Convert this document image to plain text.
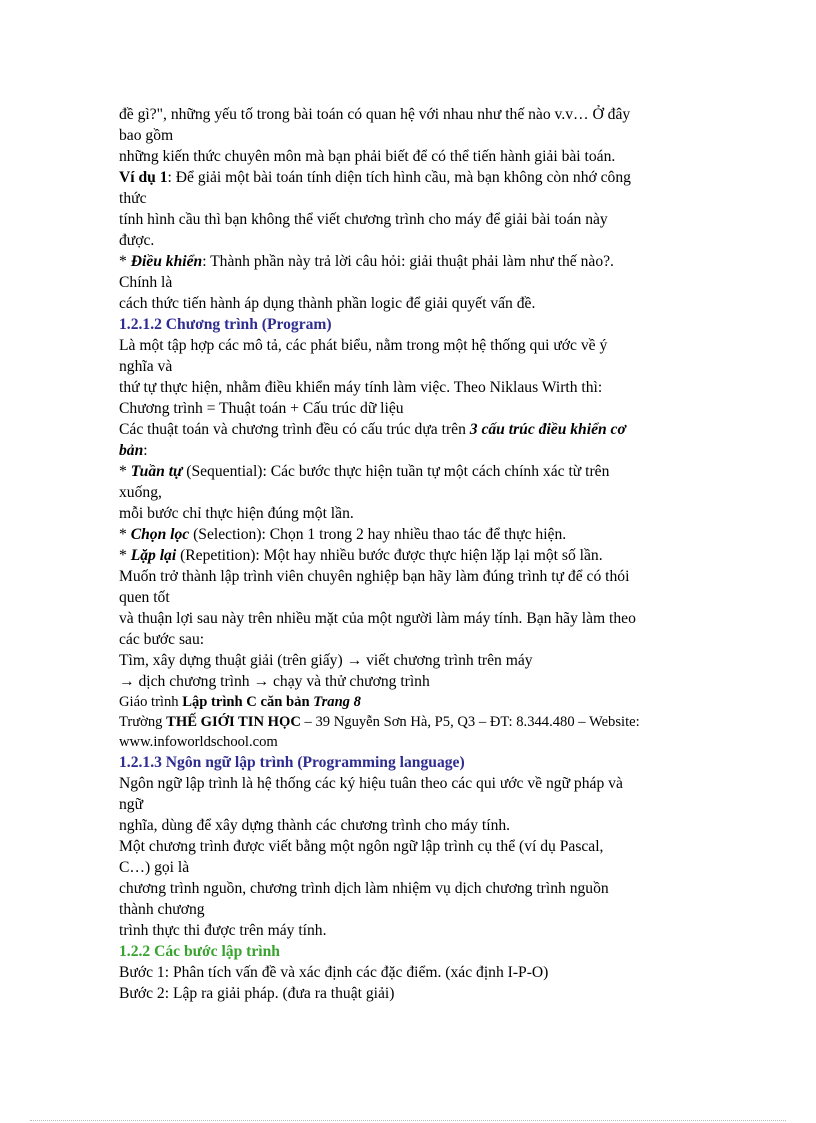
đề gì?", những yếu tố trong bài toán có quan hệ với nhau như thế nào v.v… Ở đây

bao gồm

những kiến thức chuyên môn mà bạn phải biết để có thể tiến hành giải bài toán.

Ví dụ 1: Để giải một bài toán tính diện tích hình cầu, mà bạn không còn nhớ công

thức

tính hình cầu thì bạn không thể viết chương trình cho máy để giải bài toán này

được.

* Điều khiển: Thành phần này trả lời câu hỏi: giải thuật phải làm như thế nào?.

Chính là

cách thức tiến hành áp dụng thành phần logic để giải quyết vấn đề.

1.2.1.2 Chương trình (Program)

Là một tập hợp các mô tả, các phát biểu, nằm trong một hệ thống qui ước về ý

nghĩa và

thứ tự thực hiện, nhằm điều khiển máy tính làm việc. Theo Niklaus Wirth thì:

Chương trình = Thuật toán + Cấu trúc dữ liệu

Các thuật toán và chương trình đều có cấu trúc dựa trên 3 cấu trúc điều khiển cơ

bản:

* Tuần tự (Sequential): Các bước thực hiện tuần tự một cách chính xác từ trên

xuống,

mỗi bước chỉ thực hiện đúng một lần.

* Chọn lọc (Selection): Chọn 1 trong 2 hay nhiều thao tác để thực hiện.

* Lặp lại (Repetition): Một hay nhiều bước được thực hiện lặp lại một số lần.

Muốn trở thành lập trình viên chuyên nghiệp bạn hãy làm đúng trình tự để có thói

quen tốt

và thuận lợi sau này trên nhiều mặt của một người làm máy tính. Bạn hãy làm theo

các bước sau:

Tìm, xây dựng thuật giải (trên giấy) → viết chương trình trên máy

→ dịch chương trình → chạy và thử chương trình

Giáo trình Lập trình C căn bản Trang 8

Trường THẾ GIỚI TIN HỌC – 39 Nguyễn Sơn Hà, P5, Q3 – ĐT: 8.344.480 – Website:

www.infoworldschool.com

1.2.1.3 Ngôn ngữ lập trình (Programming language)

Ngôn ngữ lập trình là hệ thống các ký hiệu tuân theo các qui ước về ngữ pháp và

ngữ

nghĩa, dùng để xây dựng thành các chương trình cho máy tính.

Một chương trình được viết bằng một ngôn ngữ lập trình cụ thể (ví dụ Pascal,

C…) gọi là

chương trình nguồn, chương trình dịch làm nhiệm vụ dịch chương trình nguồn

thành chương

trình thực thi được trên máy tính.

1.2.2 Các bước lập trình

Bước 1: Phân tích vấn đề và xác định các đặc điểm. (xác định I-P-O)

Bước 2: Lập ra giải pháp. (đưa ra thuật giải)
